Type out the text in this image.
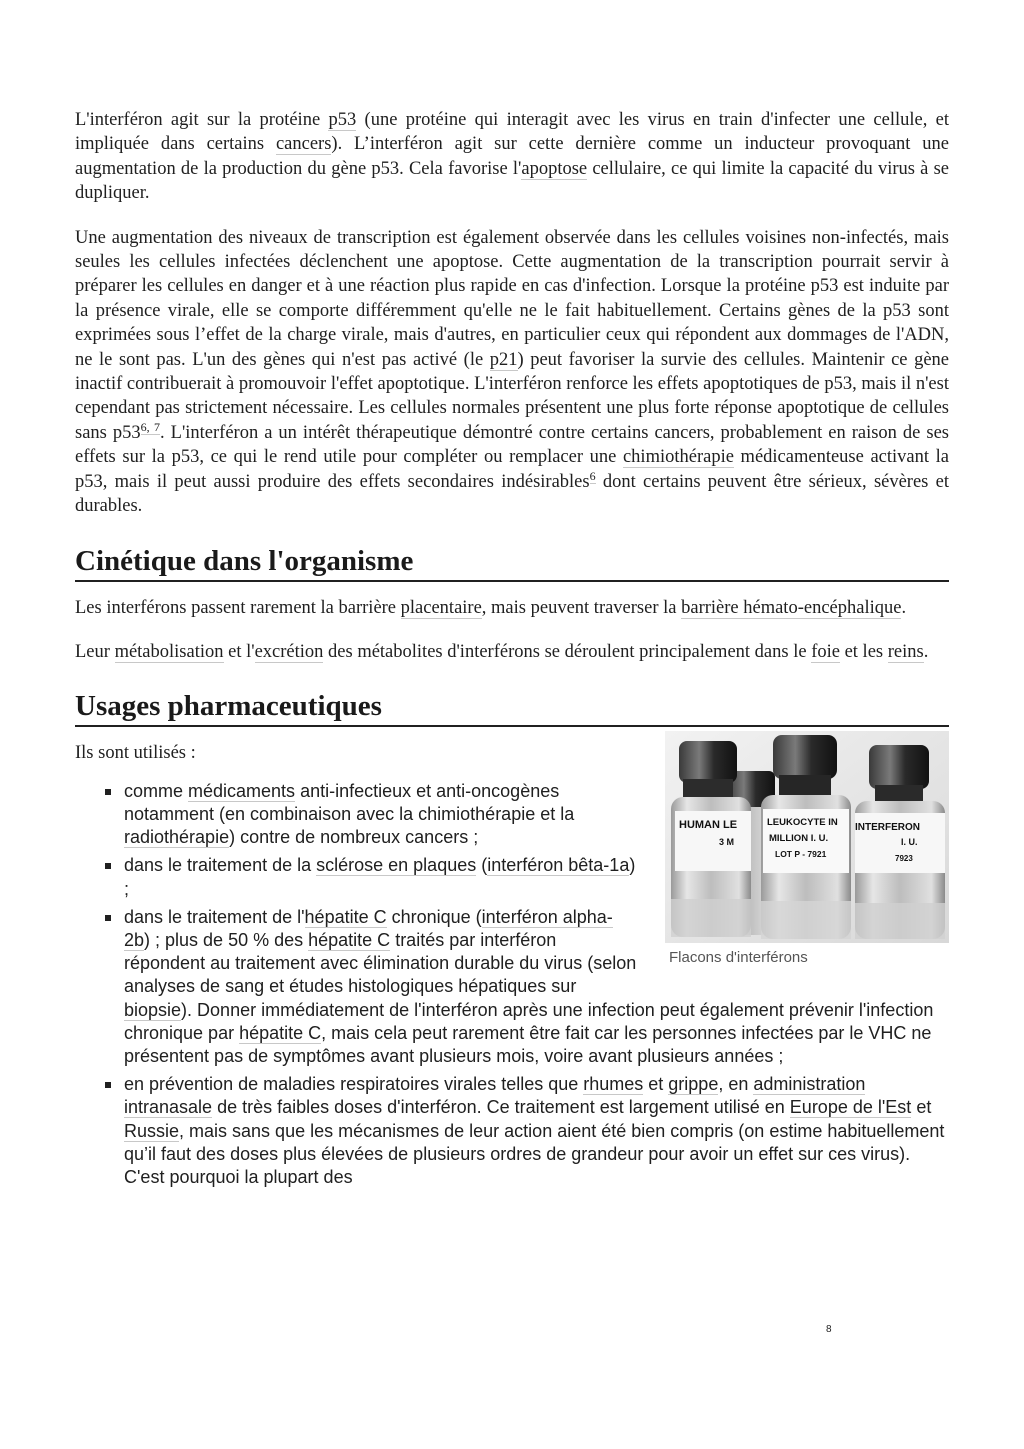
L'interféron agit sur la protéine p53 (une protéine qui interagit avec les virus en train d'infecter une cellule, et impliquée dans certains cancers). L’interféron agit sur cette dernière comme un inducteur provoquant une augmentation de la production du gène p53. Cela favorise l'apoptose cellulaire, ce qui limite la capacité du virus à se dupliquer.

Une augmentation des niveaux de transcription est également observée dans les cellules voisines non-infectés, mais seules les cellules infectées déclenchent une apoptose. Cette augmentation de la transcription pourrait servir à préparer les cellules en danger et à une réaction plus rapide en cas d'infection. Lorsque la protéine p53 est induite par la présence virale, elle se comporte différemment qu'elle ne le fait habituellement. Certains gènes de la p53 sont exprimées sous l’effet de la charge virale, mais d'autres, en particulier ceux qui répondent aux dommages de l'ADN, ne le sont pas. L'un des gènes qui n'est pas activé (le p21) peut favoriser la survie des cellules. Maintenir ce gène inactif contribuerait à promouvoir l'effet apoptotique. L'interféron renforce les effets apoptotiques de p53, mais il n'est cependant pas strictement nécessaire. Les cellules normales présentent une plus forte réponse apoptotique de cellules sans p53$^{6, 7}$. L'interféron a un intérêt thérapeutique démontré contre certains cancers, probablement en raison de ses effets sur la p53, ce qui le rend utile pour compléter ou remplacer une chimiothérapie médicamenteuse activant la p53, mais il peut aussi produire des effets secondaires indésirables$^6$ dont certains peuvent être sérieux, sévères et durables.

Cinétique dans l'organisme

Les interférons passent rarement la barrière placentaire, mais peuvent traverser la barrière hémato-encéphalique.

Leur métabolisation et l'excrétion des métabolites d'interférons se déroulent principalement dans le foie et les reins.

Usages pharmaceutiques
HUMAN LE
3 M
LEUKOCYTE IN
MILLION I. U.
LOT P - 7921
INTERFERON
I. U.
7923
Flacons d'interférons

Ils sont utilisés :

comme médicaments anti-infectieux et anti-oncogènes notamment (en combinaison avec la chimiothérapie et la radiothérapie) contre de nombreux cancers ;
dans le traitement de la sclérose en plaques (interféron bêta-1a) ;
dans le traitement de l'hépatite C chronique (interféron alpha-2b) ; plus de 50 % des hépatite C traités par interféron répondent au traitement avec élimination durable du virus (selon analyses de sang et études histologiques hépatiques sur biopsie). Donner immédiatement de l'interféron après une infection peut également prévenir l'infection chronique par hépatite C, mais cela peut rarement être fait car les personnes infectées par le VHC ne présentent pas de symptômes avant plusieurs mois, voire avant plusieurs années ;
en prévention de maladies respiratoires virales telles que rhumes et grippe, en administration intranasale de très faibles doses d'interféron. Ce traitement est largement utilisé en Europe de l'Est et Russie, mais sans que les mécanismes de leur action aient été bien compris (on estime habituellement qu’il faut des doses plus élevées de plusieurs ordres de grandeur pour avoir un effet sur ces virus). C'est pourquoi la plupart des
8
